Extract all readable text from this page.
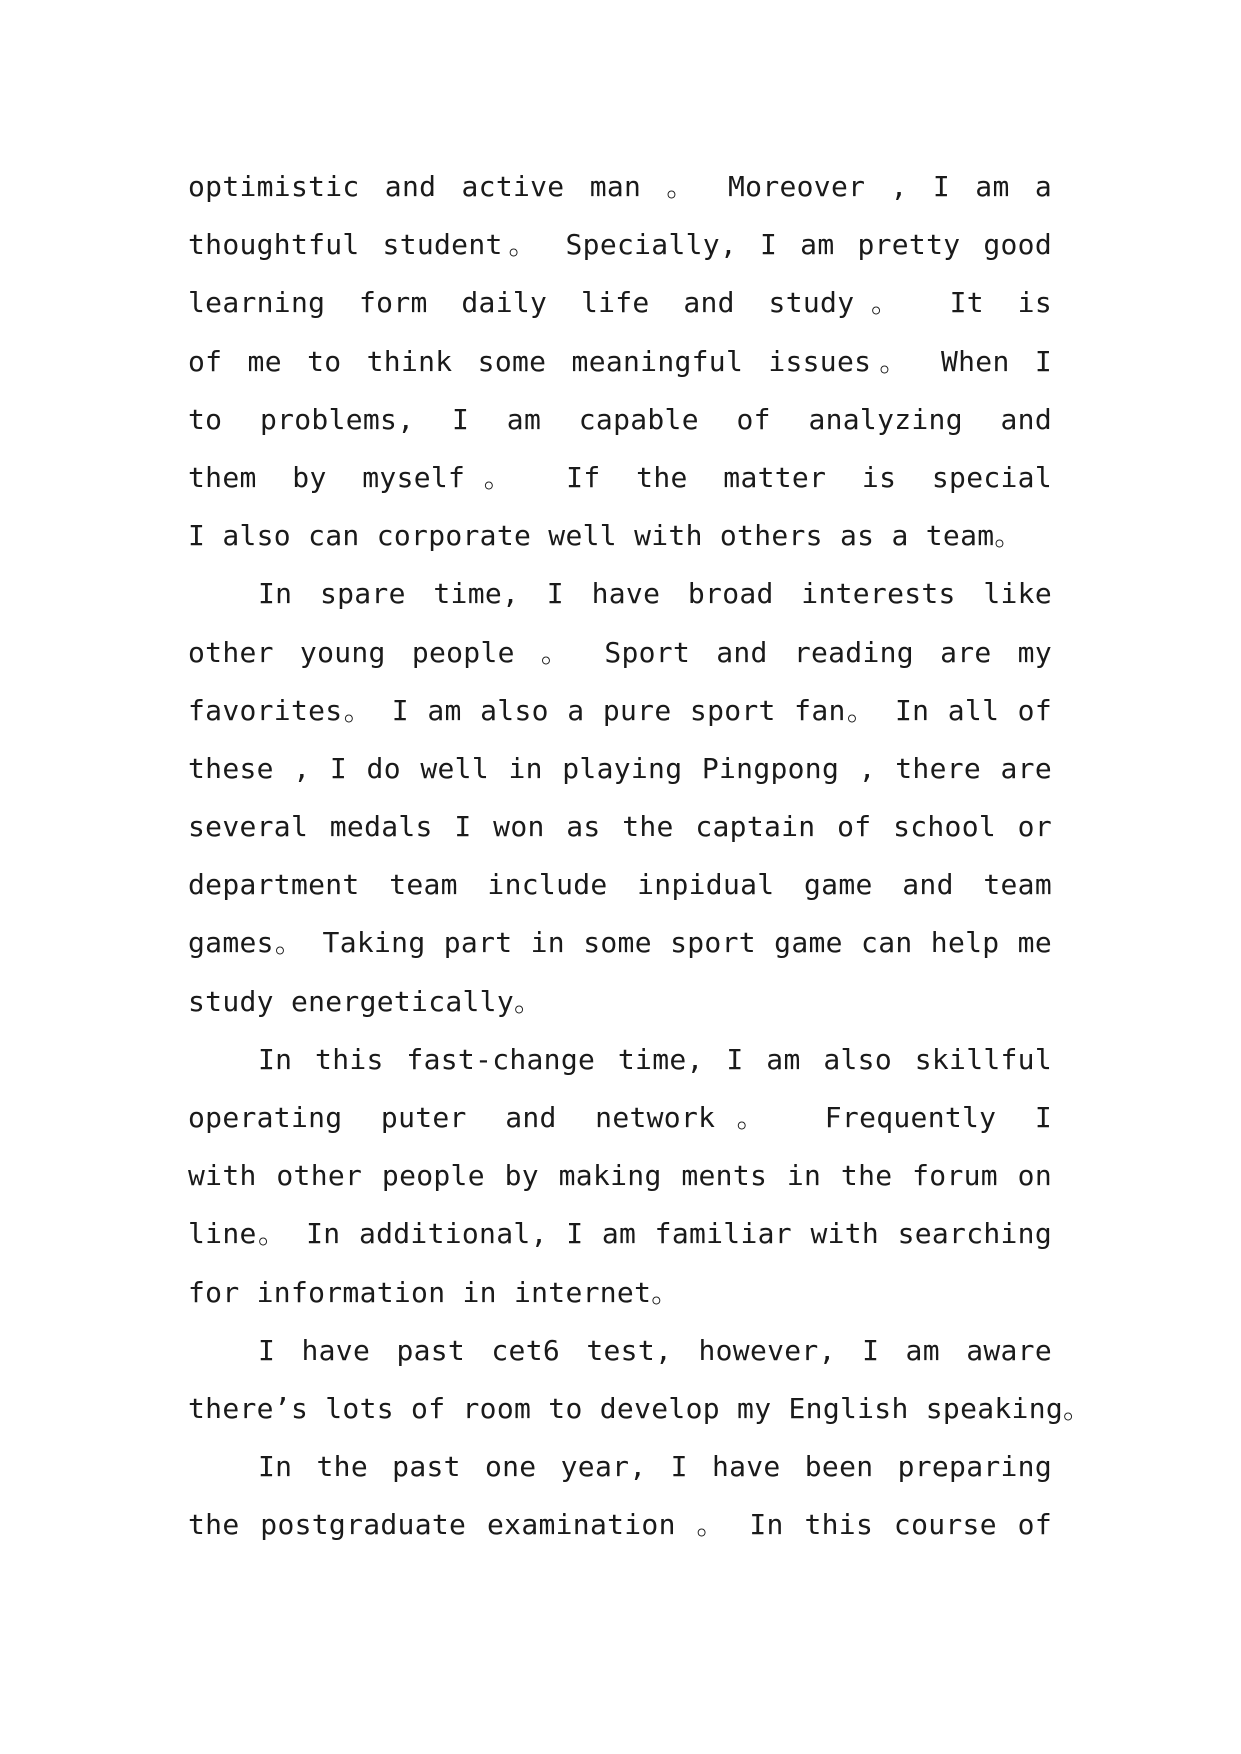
optimistic and active man 。 Moreover , I am a
thoughtful student。 Specially, I am pretty good
learning form daily life and study。 It is
of me to think some meaningful issues。 When I
to problems, I am capable of analyzing and
them by myself。 If the matter is special
I also can corporate well with others as a team。
In spare time, I have broad interests like
other young people 。 Sport and reading are my
favorites。 I am also a pure sport fan。 In all of
these , I do well in playing Pingpong , there are
several medals I won as the captain of school or
department team include inpidual game and team
games。 Taking part in some sport game can help me
study energetically。
In this fast-change time, I am also skillful
operating puter and network。 Frequently I
with other people by making ments in the forum on
line。 In additional, I am familiar with searching
for information in internet。
I have past cet6 test, however, I am aware
there’s lots of room to develop my English speaking。
In the past one year, I have been preparing
the postgraduate examination 。 In this course of
